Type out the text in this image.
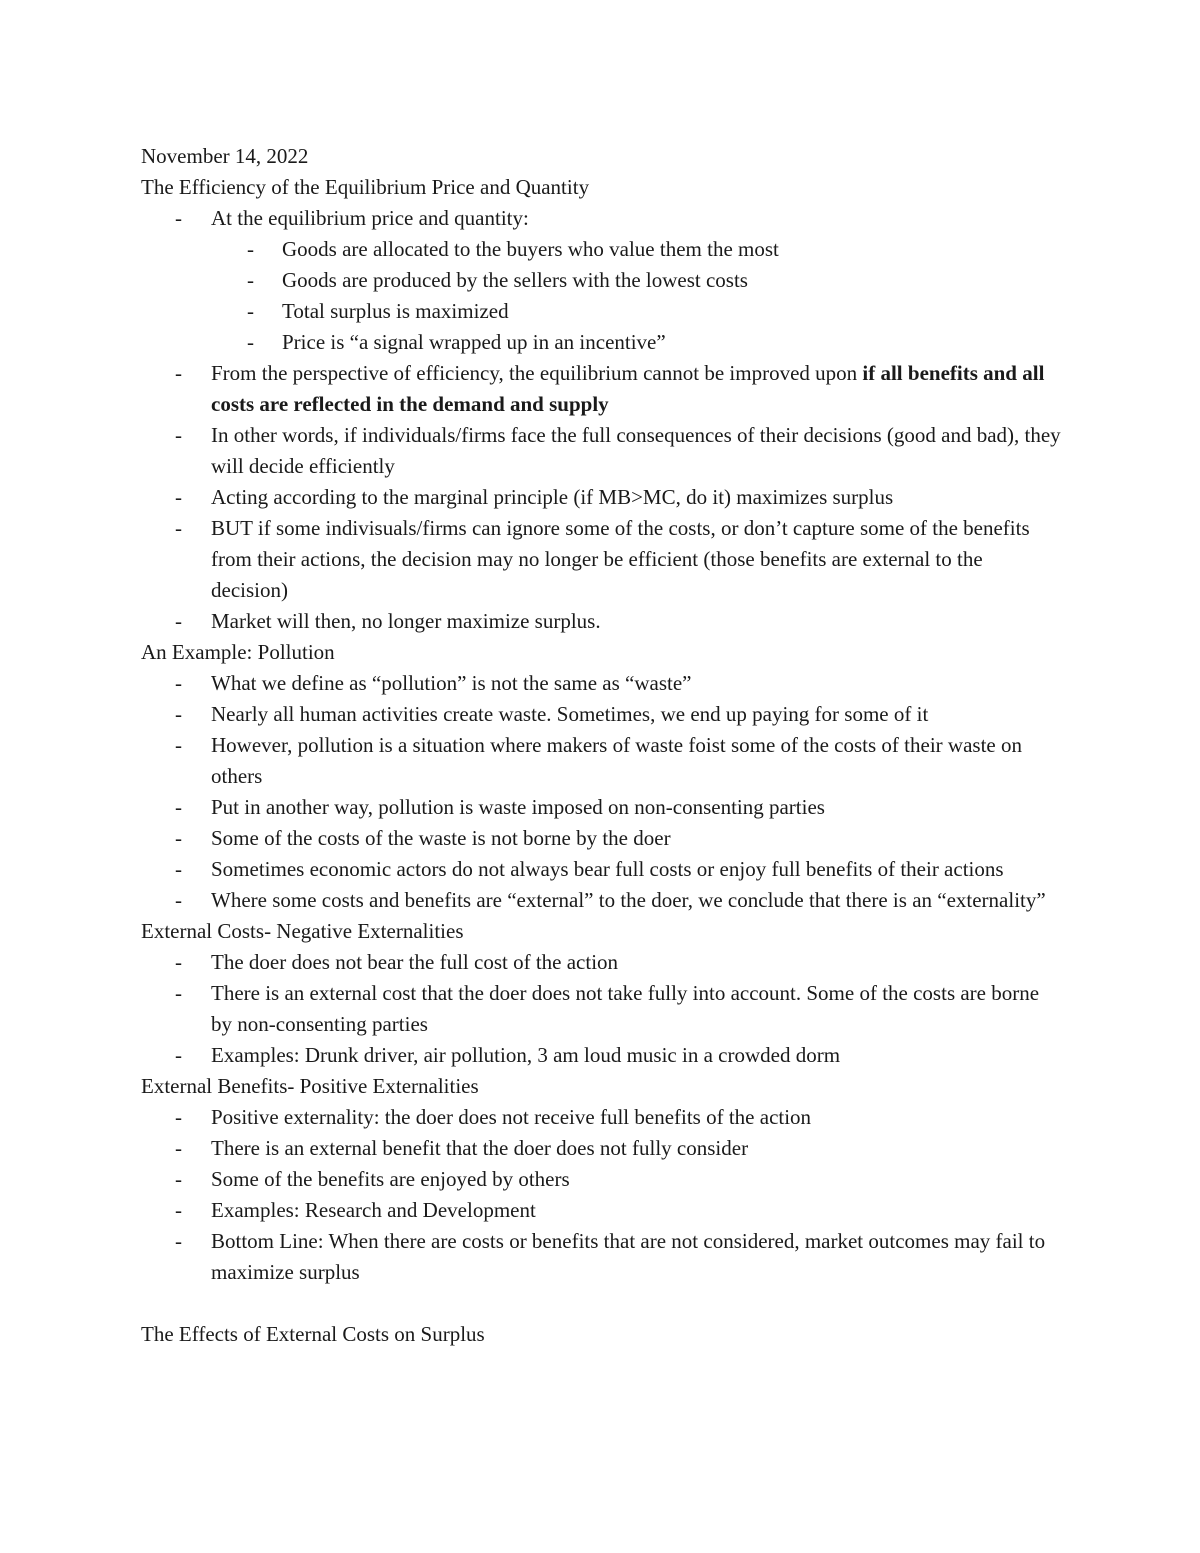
November 14, 2022

The Efficiency of the Equilibrium Price and Quantity

-	At the equilibrium price and quantity:
-	Goods are allocated to the buyers who value them the most
-	Goods are produced by the sellers with the lowest costs
-	Total surplus is maximized
-	Price is “a signal wrapped up in an incentive”
-	From the perspective of efficiency, the equilibrium cannot be improved upon if all benefits and all costs are reflected in the demand and supply
-	In other words, if individuals/firms face the full consequences of their decisions (good and bad), they will decide efficiently
-	Acting according to the marginal principle (if MB>MC, do it) maximizes surplus
-	BUT if some indivisuals/firms can ignore some of the costs, or don’t capture some of the benefits from their actions, the decision may no longer be efficient (those benefits are external to the decision)
-	Market will then, no longer maximize surplus.

An Example: Pollution

-	What we define as “pollution” is not the same as “waste”
-	Nearly all human activities create waste. Sometimes, we end up paying for some of it
-	However, pollution is a situation where makers of waste foist some of the costs of their waste on others
-	Put in another way, pollution is waste imposed on non-consenting parties
-	Some of the costs of the waste is not borne by the doer
-	Sometimes economic actors do not always bear full costs or enjoy full benefits of their actions
-	Where some costs and benefits are “external” to the doer, we conclude that there is an “externality”

External Costs- Negative Externalities

-	The doer does not bear the full cost of the action
-	There is an external cost that the doer does not take fully into account. Some of the costs are borne by non-consenting parties
-	Examples: Drunk driver, air pollution, 3 am loud music in a crowded dorm

External Benefits- Positive Externalities

-	Positive externality: the doer does not receive full benefits of the action
-	There is an external benefit that the doer does not fully consider
-	Some of the benefits are enjoyed by others
-	Examples: Research and Development
-	Bottom Line: When there are costs or benefits that are not considered, market outcomes may fail to maximize surplus

The Effects of External Costs on Surplus
